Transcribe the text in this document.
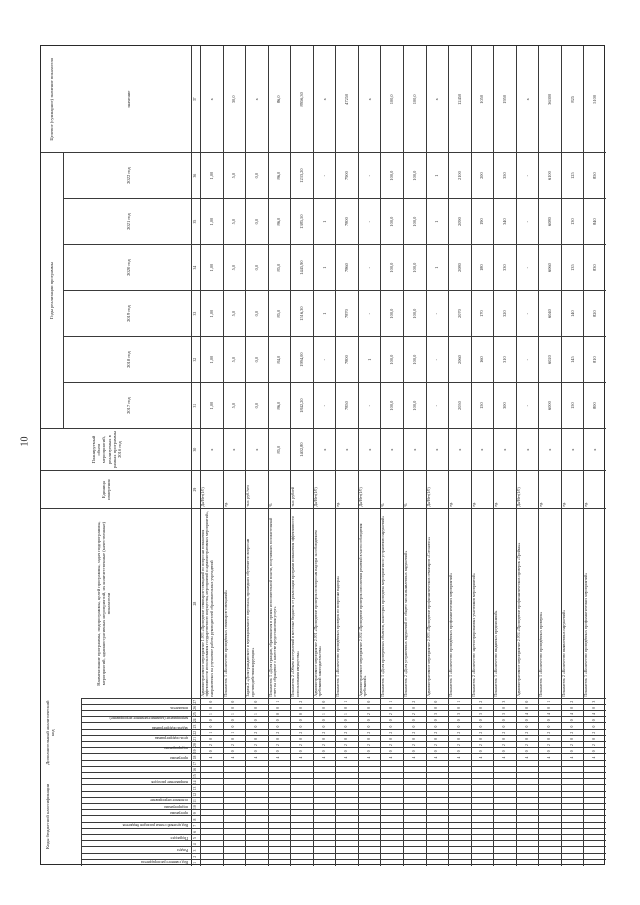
10
Коды бюджетной классификации
Дополнительный аналитический код
Код главного распорядителя
Раздел
Подраздел
программа
подпрограмма
основное мероприятие
направление расходов
Код целевой статьи расходов бюджетов
программа
подпрограмма
цель подпрограммы
задача подпрограммы
мероприятие (административное мероприятие)
показатель
Наименование программы, подпрограммы, целей программы, задач подпрограммы, мероприятий, административных мероприятий, их количественные (качественные) показатели
Единица измерения
Планируемый объем мероприятий, реализуемых в рамках программы 2016 год
Годы реализации программы
2017 год
2018 год
2019 год
2020 год
2021 год
2022 год
Целевое (суммарное) значение показателя	значение
1
2
3
4
5
6
7
8
9
10
11
12
13
14
15
16
17
18
19
20
21
22
23
24
25
26
27
28
29
30
31
32
33
34
35
36
37
4
0
2
0
1
0
0
1
0
0
Административное мероприятие 1.003 «Проведение семинаров-совещаний по вопросам повышения эффективности использования государственного имущества, мероприятий и административных мероприятий», направленных на улучшение работы руководителей образовательных учреждений
Да/Нет(1/0)
х
1,00
1,00
1,00
1,00
1,00
1,00
х
4
0
2
0
1
0
0
1
0
0
Показатель 1 «Количество проведённых семинаров-совещаний»
ед.
х
5,0
5,0
5,0
5,0
5,0
5,0
30,0
4
0
2
0
2
0
0
1
0
0
Задача 2 «Доля гражданского и муниципального персонала, прошедших обучение по вопросам противодействия коррупции»
тыс. руб./чел
х
0,0
0,0
0,0
0,0
0,0
0,0
х
4
0
2
0
2
0
0
0
0
1
Показатель 1 «Доля граждан, обратившихся в органы исполнительной власти, получивших положительный ответ на обращение о качестве предоставления услуг»
%
85,0
86,0
84,0
85,0
85,0
86,0
86,0
86,0
4
0
2
0
2
0
0
0
0
2
Показатель 2 «Объем поступлений в местные бюджеты от реализации программ повышения эффективности использования имущества»
тыс. рублей
1402,80
1842,20
1994,00
1516,30
1445,90
1385,50
1233,20
8956,30
4
0
2
0
2
0
0
1
0
0
Административное мероприятие 2.001 «Проведение проверок по вопросам надзора за соблюдением требований законодательства»
Да/Нет(1/0)
х
-
-
1
1
1
-
х
4
0
2
0
2
0
0
1
0
1
Показатель 1 «Количество проведённых проверок по вопросам надзора»
ед.
х
7850
7800
7870
7860
7800
7900
47250
4
0
2
0
2
0
0
2
0
0
Административное мероприятие 2.002 «Проведение проверок исполнения решений в части соблюдения требований»
Да/Нет(1/0)
х
-
1
-
-
-
-
х
4
0
2
0
2
0
0
2
0
1
Показатель 1 «Доля проверенных объектов, на которых проведены мероприятия по устранению нарушений»
%
х
100,0
100,0
100,0
100,0
100,0
100,0
100,0
4
0
2
0
2
0
0
2
0
2
Показатель 2 «Доля устраненных нарушений от общего числа выявленных нарушений»
%
х
100,0
100,0
100,0
100,0
100,0
100,0
100,0
4
0
2
0
2
0
0
3
0
0
Административное мероприятие 2.003 «Проведение профилактических семинаров «Согласно»»
Да/Нет(1/0)
х
-
-
-
1
1
1
х
4
0
2
0
2
0
0
3
0
1
Показатель 1 «Количество проведённых профилактических мероприятий»
ед.
х
2050
2060
2070
2080
2090
2100
12450
4
0
2
0
2
0
0
3
0
2
Показатель 2 «Количество зарегистрированных участников мероприятий»
ед.
х
150
160
170
180
190
200
1050
4
0
2
0
2
0
0
3
0
3
Показатель 3 «Количество выданных предписаний»
ед.
х
300
310
320
330
340
350
1950
4
0
2
0
2
0
0
4
0
0
Административное мероприятие 2.004 «Проведение профилактических проверок «Тройка»»
Да/Нет(1/0)
х
-
-
-
-
-
-
х
4
0
2
0
2
0
0
4
0
1
Показатель 1 «Количество проведённых проверок»
ед.
х
6000
6020
6040
6060
6080
6100
36300
4
0
2
0
2
0
0
4
0
2
Показатель 2 «Количество выявленных нарушений»
ед.
х
150
145
140
135
130
125
825
4
0
2
0
2
0
0
4
0
3
Показатель 3 «Количество проведённых профилактических мероприятий»
ед.
х
800
810
820
830
840
850
5100
